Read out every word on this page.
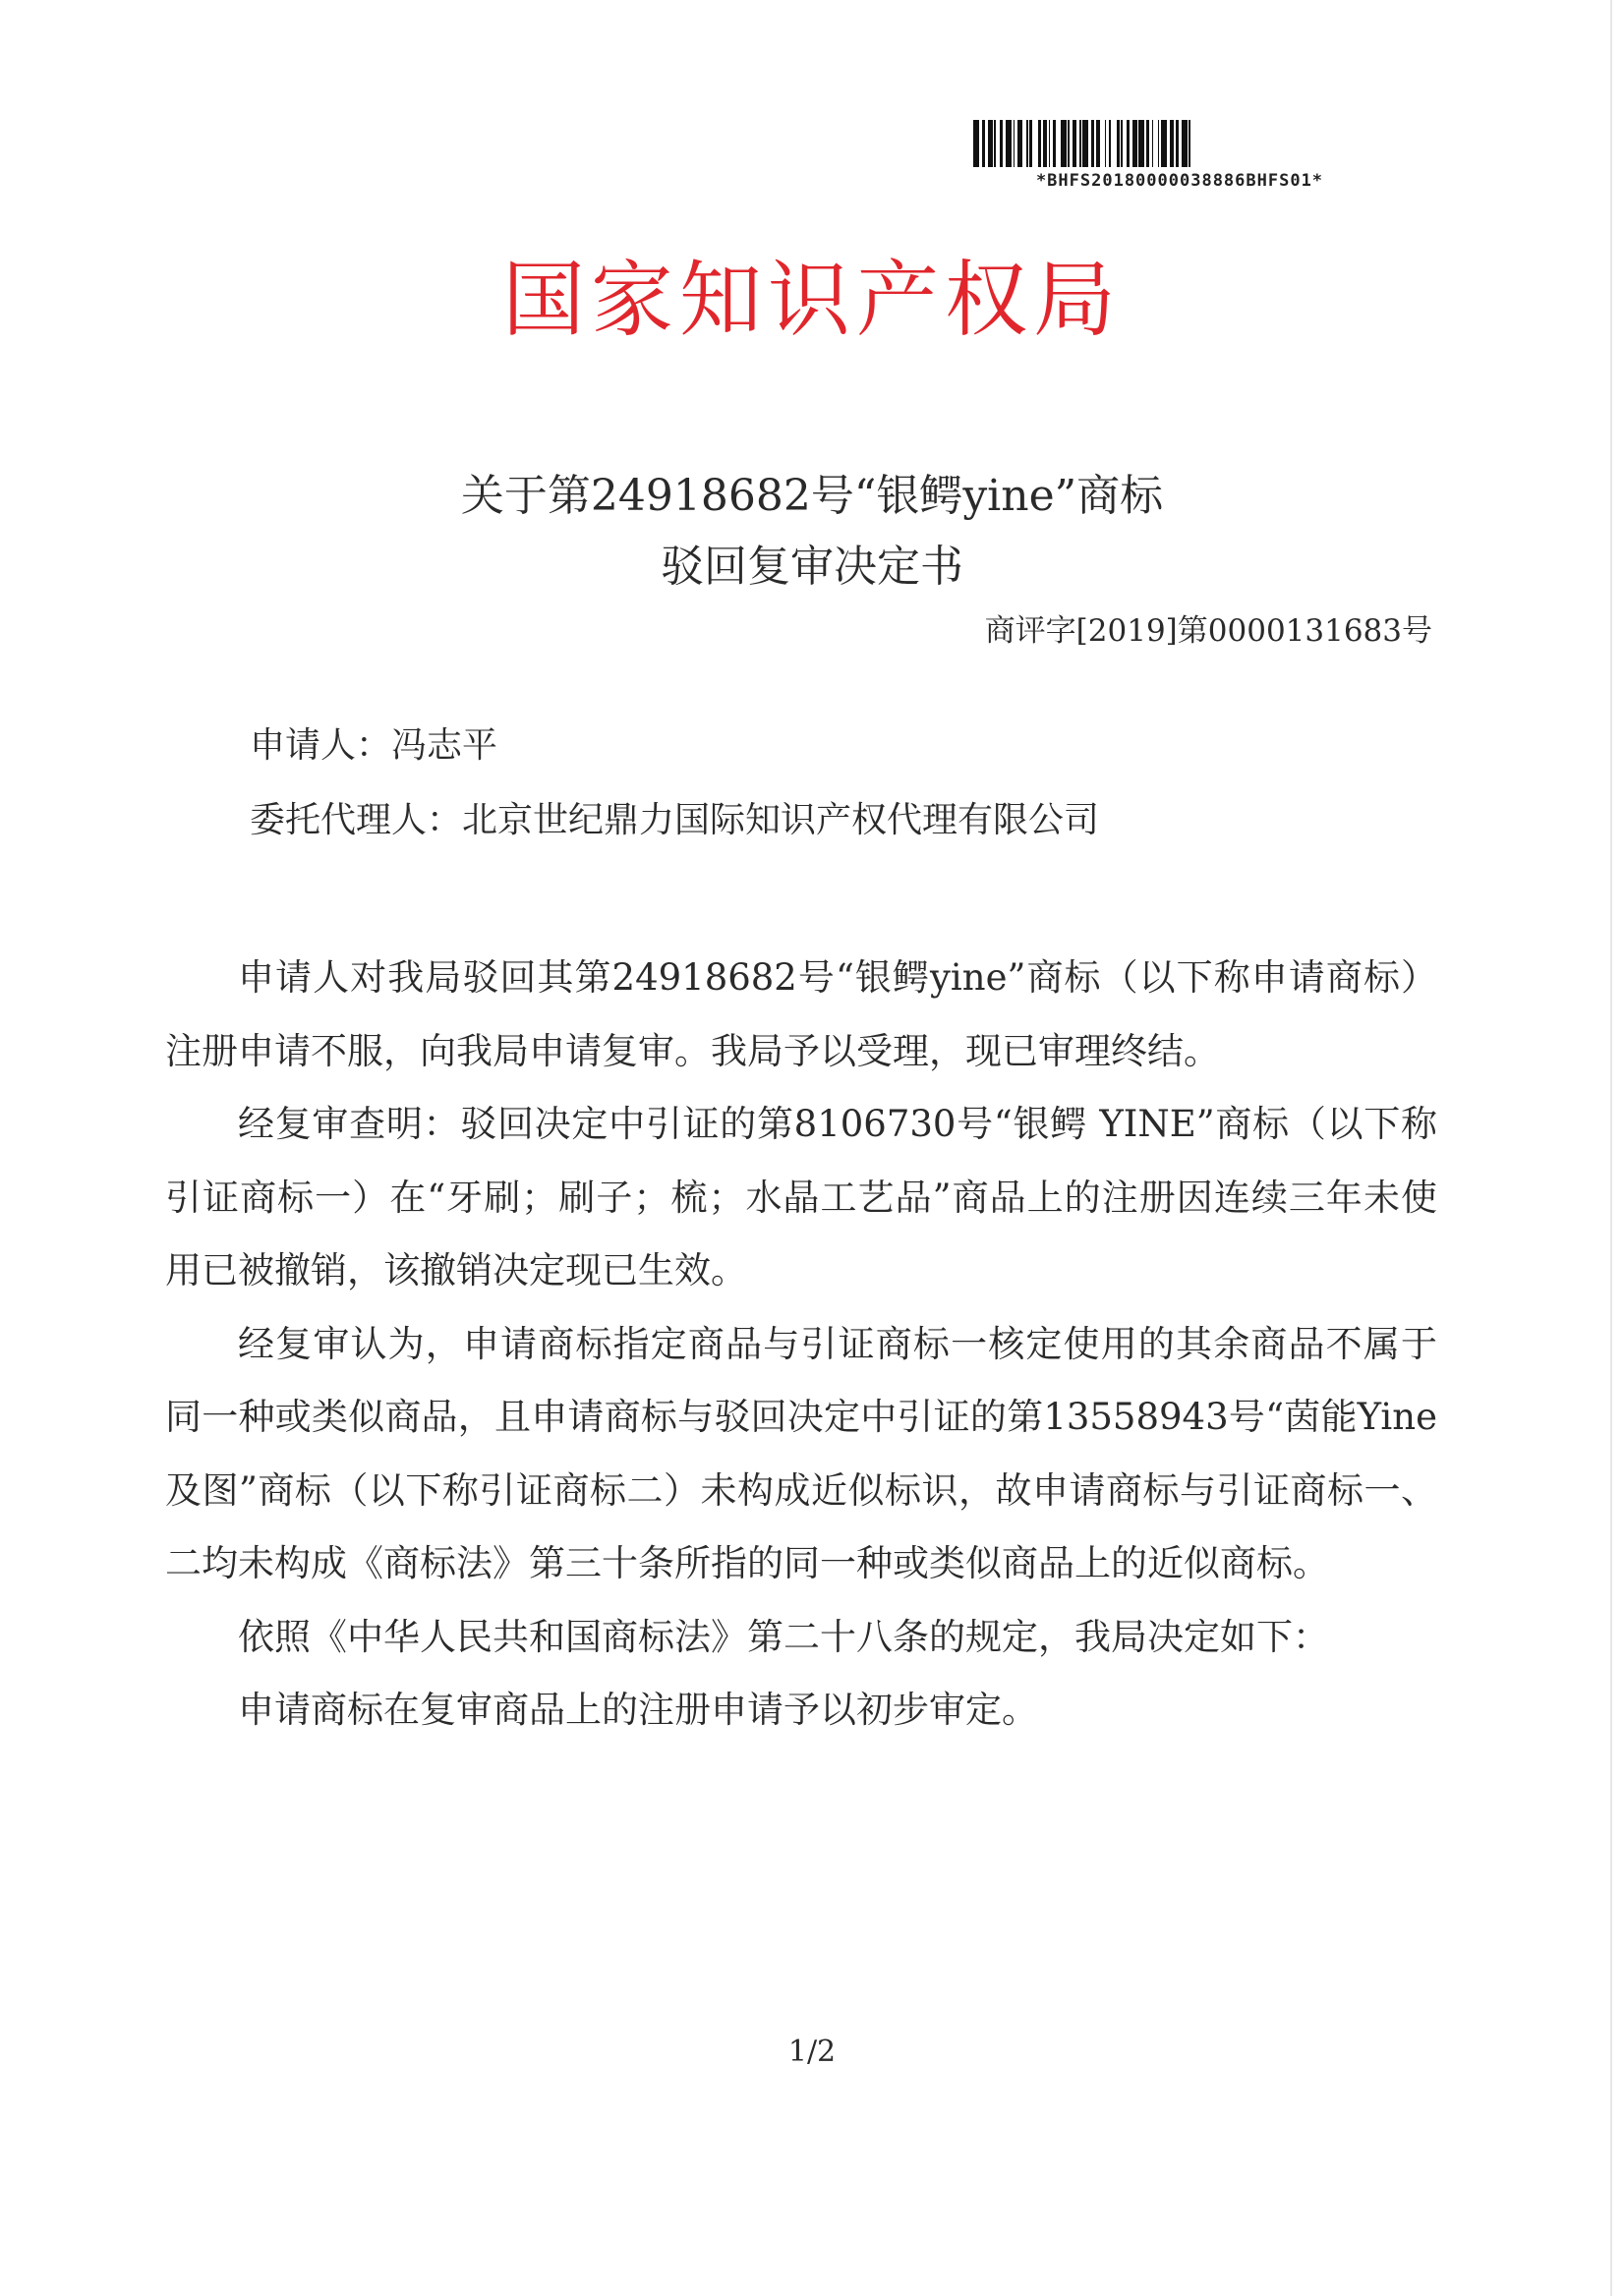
*BHFS20180000038886BHFS01*
国家知识产权局
关于第24918682号“银鳄yine”商标
驳回复审决定书
商评字[2019]第0000131683号
申请人：冯志平
委托代理人：北京世纪鼎力国际知识产权代理有限公司

申请人对我局驳回其第24918682号“银鳄yine”商标（以下称申请商标）注册申请不服，向我局申请复审。我局予以受理，现已审理终结。

经复审查明：驳回决定中引证的第8106730号“银鳄 YINE”商标（以下称引证商标一）在“牙刷；刷子；梳；水晶工艺品”商品上的注册因连续三年未使用已被撤销，该撤销决定现已生效。

经复审认为，申请商标指定商品与引证商标一核定使用的其余商品不属于同一种或类似商品，且申请商标与驳回决定中引证的第13558943号“茵能Yine及图”商标（以下称引证商标二）未构成近似标识，故申请商标与引证商标一、二均未构成《商标法》第三十条所指的同一种或类似商品上的近似商标。

依照《中华人民共和国商标法》第二十八条的规定，我局决定如下：

申请商标在复审商品上的注册申请予以初步审定。

1/2
